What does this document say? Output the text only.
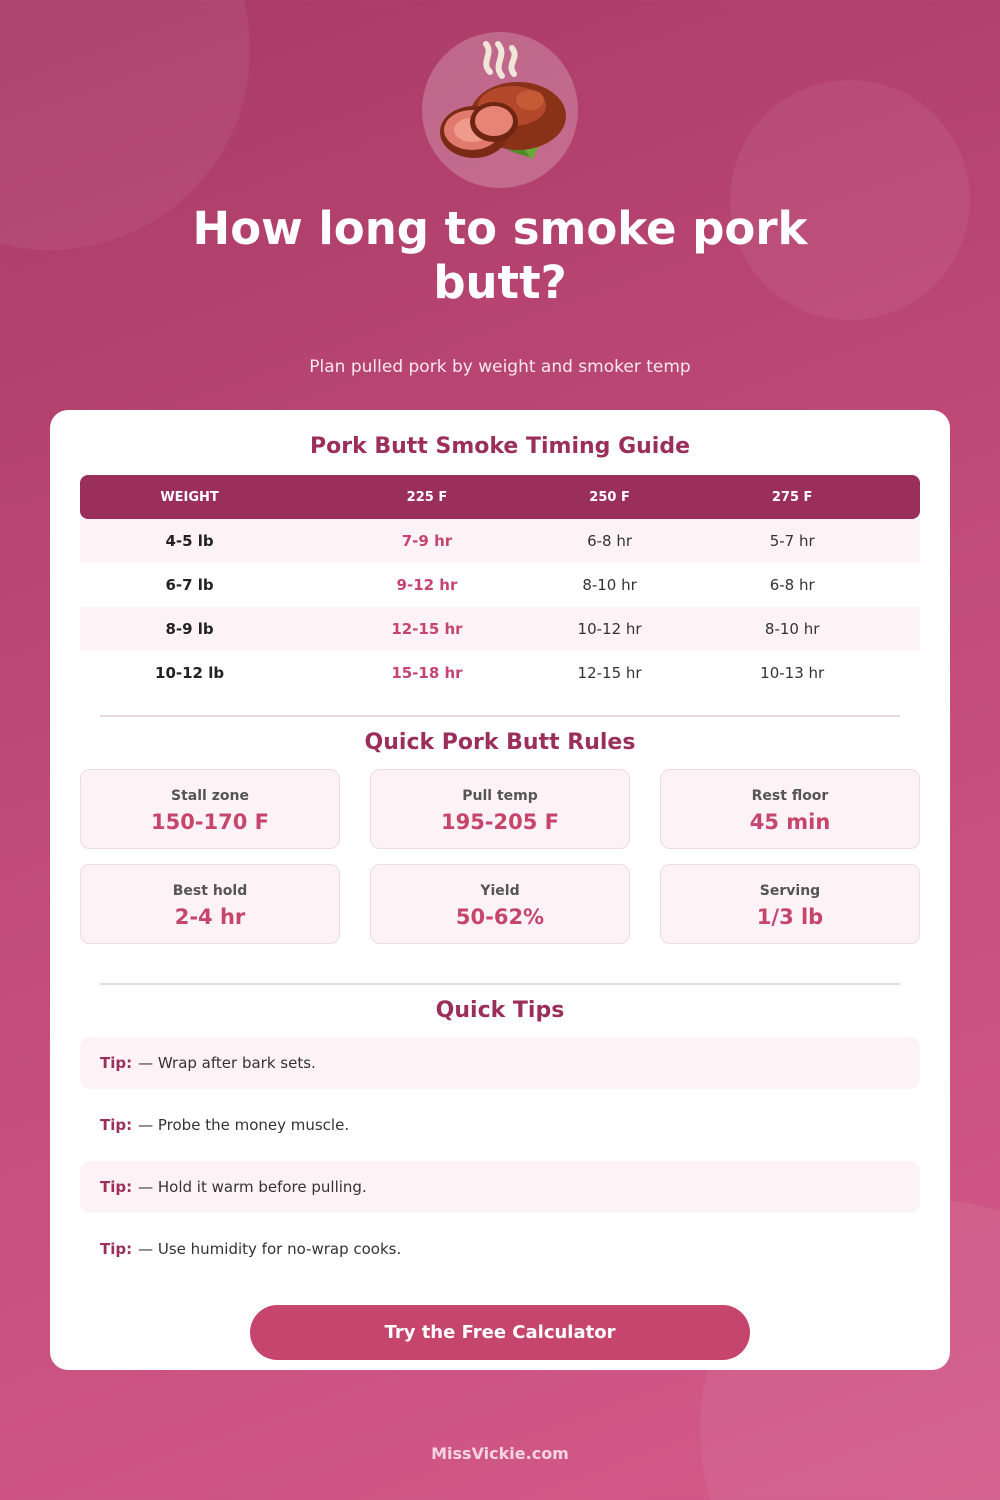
How long to smoke pork butt?
Plan pulled pork by weight and smoker temp
Pork Butt Smoke Timing Guide
WEIGHT	225 F	250 F	275 F
4-5 lb	7-9 hr	6-8 hr	5-7 hr
6-7 lb	9-12 hr	8-10 hr	6-8 hr
8-9 lb	12-15 hr	10-12 hr	8-10 hr
10-12 lb	15-18 hr	12-15 hr	10-13 hr
Quick Pork Butt Rules
Stall zone
150-170 F
Pull temp
195-205 F
Rest floor
45 min
Best hold
2-4 hr
Yield
50-62%
Serving
1/3 lb
Quick Tips
Tip: — Wrap after bark sets.
Tip: — Probe the money muscle.
Tip: — Hold it warm before pulling.
Tip: — Use humidity for no-wrap cooks.
Try the Free Calculator
MissVickie.com
